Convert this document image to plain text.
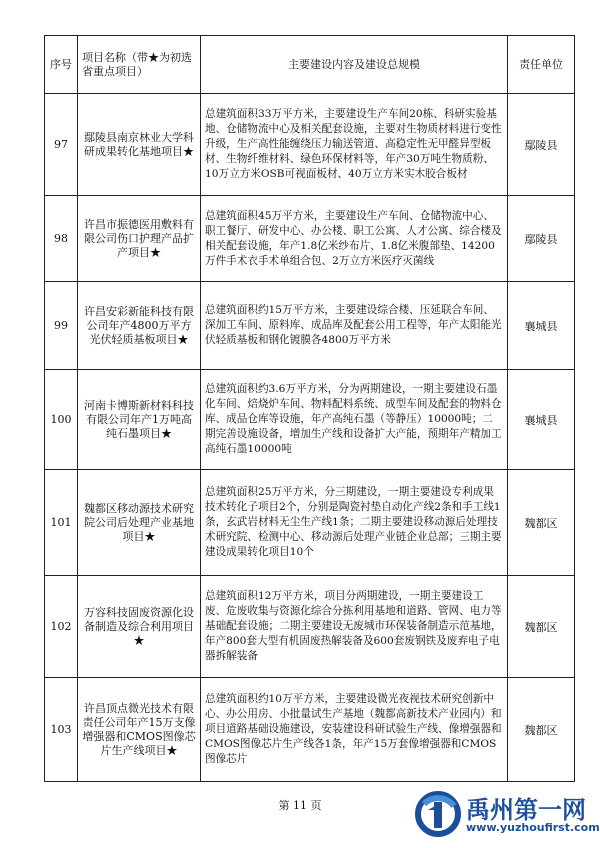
序号	项目名称（带★为初选省重点项目）	主要建设内容及建设总规模	责任单位
97	鄢陵县南京林业大学科研成果转化基地项目★	总建筑面积33万平方米，主要建设生产车间20栋、科研实验基地、仓储物流中心及相关配套设施，主要对生物质材料进行变性升级，生产高性能缠绕压力输送管道、高稳定性无甲醛异型板材、生物纤维材料、绿色环保材料等，年产30万吨生物质粉、10万立方米OSB可视面板材、40万立方米实木胶合板材	鄢陵县
98	许昌市振德医用敷料有限公司伤口护理产品扩产项目★	总建筑面积45万平方米，主要建设生产车间、仓储物流中心、职工餐厅、研发中心、办公楼、职工公寓、人才公寓、综合楼及相关配套设施，年产1.8亿米纱布片、1.8亿米腹部垫、14200万件手术衣手术单组合包、2万立方米医疗灭菌线	鄢陵县
99	许昌安彩新能科技有限公司年产4800万平方光伏轻质基板项目★	总建筑面积约15万平方米，主要建设综合楼、压延联合车间、深加工车间、原料库、成品库及配套公用工程等，年产太阳能光伏轻质基板和钢化镀膜各4800万平方米	襄城县
100	河南卡博斯新材料科技有限公司年产1万吨高纯石墨项目★	总建筑面积约3.6万平方米，分为两期建设，一期主要建设石墨化车间、焙烧炉车间、物料配料系统、成型车间及配套的物料仓库、成品仓库等设施，年产高纯石墨（等静压）10000吨；二期完善设施设备，增加生产线和设备扩大产能，预期年产精加工高纯石墨10000吨	襄城县
101	魏都区移动源技术研究院公司后处理产业基地项目★	总建筑面积25万平方米，分三期建设，一期主要建设专利成果技术转化子项目2个，分别是陶瓷衬垫自动化产线2条和手工线1条，玄武岩材料无尘生产线1条；二期主要建设移动源后处理技术研究院、检测中心、移动源后处理产业链企业总部；三期主要建设成果转化项目10个	魏都区
102	万容科技固废资源化设备制造及综合利用项目★	总建筑面积12万平方米，项目分两期建设，一期主要建设工废、危废收集与资源化综合分拣利用基地和道路、管网、电力等基础配套设施；二期主要建设无废城市环保装备制造示范基地，年产800套大型有机固废热解装备及600套废钢铁及废弃电子电器拆解装备	魏都区
103	许昌顶点微光技术有限责任公司年产15万支像增强器和CMOS图像芯片生产线项目★	总建筑面积约10万平方米，主要建设微光夜视技术研究创新中心、办公用房、小批量试生产基地（魏都高新技术产业园内）和项目道路基础设施建设，安装建设科研试验生产线、像增强器和CMOS图像芯片生产线各1条，年产15万套像增强器和CMOS图像芯片	魏都区
第 11 页	禹州第一网
www.yuzhoufirst.com
